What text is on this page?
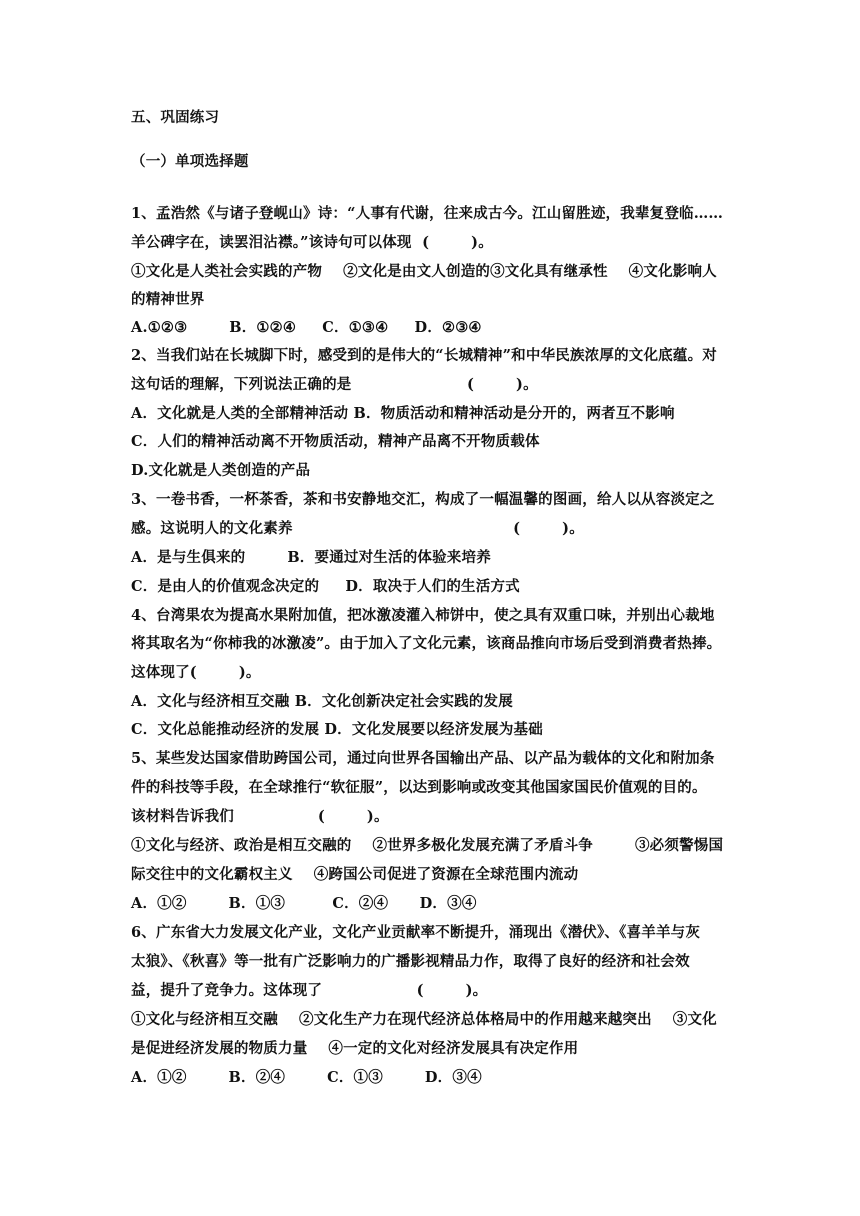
五、巩固练习
（一）单项选择题
1、孟浩然《与诸子登岘山》诗：“人事有代谢，往来成古今。江山留胜迹，我辈复登临……
羊公碑字在，读罢泪沾襟。”该诗句可以体现  (        )。
①文化是人类社会实践的产物    ②文化是由文人创造的③文化具有继承性    ④文化影响人
的精神世界
A.①②③        B．①②④     C．①③④     D．②③④
2、当我们站在长城脚下时，感受到的是伟大的“长城精神”和中华民族浓厚的文化底蕴。对
这句话的理解，下列说法正确的是                      (        )。
A．文化就是人类的全部精神活动 B．物质活动和精神活动是分开的，两者互不影响
C．人们的精神活动离不开物质活动，精神产品离不开物质载体
D.文化就是人类创造的产品
3、一卷书香，一杯茶香，茶和书安静地交汇，构成了一幅温馨的图画，给人以从容淡定之
感。这说明人的文化素养                                          (        )。
A．是与生俱来的        B．要通过对生活的体验来培养
C．是由人的价值观念决定的     D．取决于人们的生活方式
4、台湾果农为提高水果附加值，把冰激凌灌入柿饼中，使之具有双重口味，并别出心裁地
将其取名为“你柿我的冰激凌”。由于加入了文化元素，该商品推向市场后受到消费者热捧。
这体现了(        )。
A．文化与经济相互交融 B．文化创新决定社会实践的发展
C．文化总能推动经济的发展 D．文化发展要以经济发展为基础
5、某些发达国家借助跨国公司，通过向世界各国输出产品、以产品为载体的文化和附加条
件的科技等手段，在全球推行“软征服”，以达到影响或改变其他国家国民价值观的目的。
该材料告诉我们                (        )。
①文化与经济、政治是相互交融的    ②世界多极化发展充满了矛盾斗争        ③必须警惕国
际交往中的文化霸权主义    ④跨国公司促进了资源在全球范围内流动
A．①②        B．①③         C．②④      D．③④
6、广东省大力发展文化产业，文化产业贡献率不断提升，涌现出《潜伏》、《喜羊羊与灰
太狼》、《秋喜》等一批有广泛影响力的广播影视精品力作，取得了良好的经济和社会效
益，提升了竞争力。这体现了                  (        )。
①文化与经济相互交融    ②文化生产力在现代经济总体格局中的作用越来越突出    ③文化
是促进经济发展的物质力量    ④一定的文化对经济发展具有决定作用
A．①②        B．②④        C．①③        D．③④
